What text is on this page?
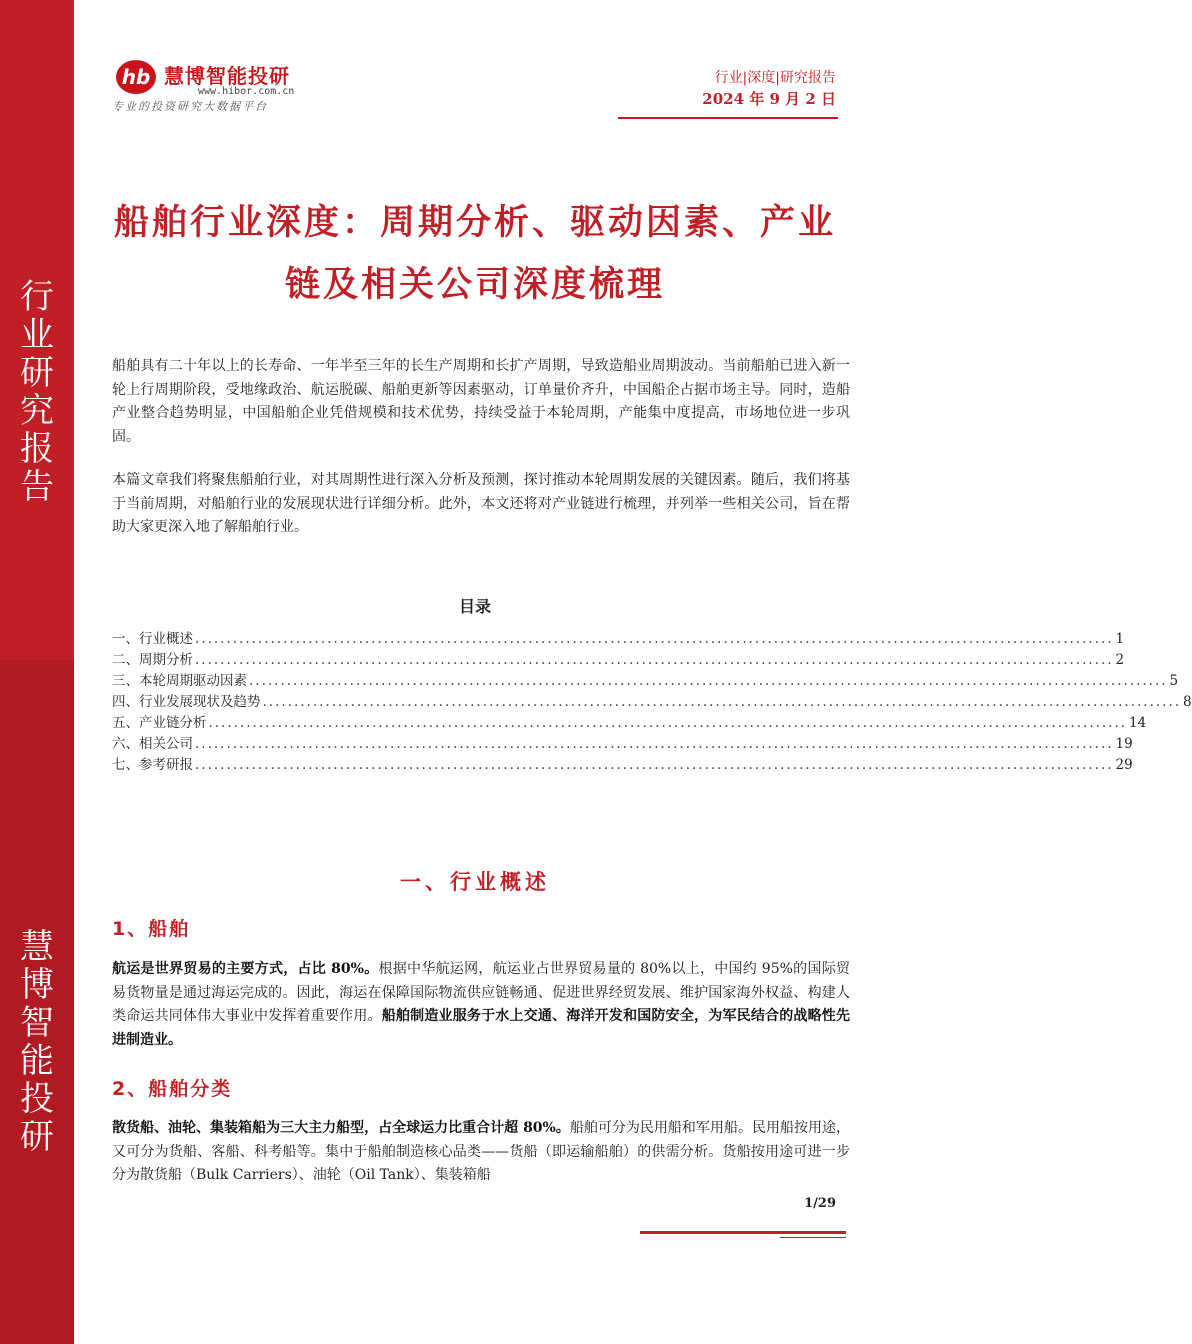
行
业
研
究
报
告
慧
博
智
能
投
研
hb 慧博智能投研
www.hibor.com.cn
专业的投资研究大数据平台
行业|深度|研究报告
2024 年 9 月 2 日
船舶行业深度：周期分析、驱动因素、产业
链及相关公司深度梳理
船舶具有二十年以上的长寿命、一年半至三年的长生产周期和长扩产周期，导致造船业周期波动。当前船舶已进入新一轮上行周期阶段，受地缘政治、航运脱碳、船舶更新等因素驱动，订单量价齐升，中国船企占据市场主导。同时，造船产业整合趋势明显，中国船舶企业凭借规模和技术优势，持续受益于本轮周期，产能集中度提高，市场地位进一步巩固。
本篇文章我们将聚焦船舶行业，对其周期性进行深入分析及预测，探讨推动本轮周期发展的关键因素。随后，我们将基于当前周期，对船舶行业的发展现状进行详细分析。此外，本文还将对产业链进行梳理，并列举一些相关公司，旨在帮助大家更深入地了解船舶行业。
目录
一、行业概述 .................................................................................................................................................. 1
二、周期分析 .................................................................................................................................................. 2
三、本轮周期驱动因素 .................................................................................................................................................. 5
四、行业发展现状及趋势 .................................................................................................................................................. 8
五、产业链分析 .................................................................................................................................................. 14
六、相关公司 .................................................................................................................................................. 19
七、参考研报 .................................................................................................................................................. 29
一、行业概述
1、船舶
航运是世界贸易的主要方式，占比 80%。根据中华航运网，航运业占世界贸易量的 80%以上，中国约 95%的国际贸易货物量是通过海运完成的。因此，海运在保障国际物流供应链畅通、促进世界经贸发展、维护国家海外权益、构建人类命运共同体伟大事业中发挥着重要作用。船舶制造业服务于水上交通、海洋开发和国防安全，为军民结合的战略性先进制造业。
2、船舶分类
散货船、油轮、集装箱船为三大主力船型，占全球运力比重合计超 80%。船舶可分为民用船和军用船。民用船按用途，又可分为货船、客船、科考船等。集中于船舶制造核心品类——货船（即运输船舶）的供需分析。货船按用途可进一步分为散货船（Bulk Carriers）、油轮（Oil Tank）、集装箱船
1/29
